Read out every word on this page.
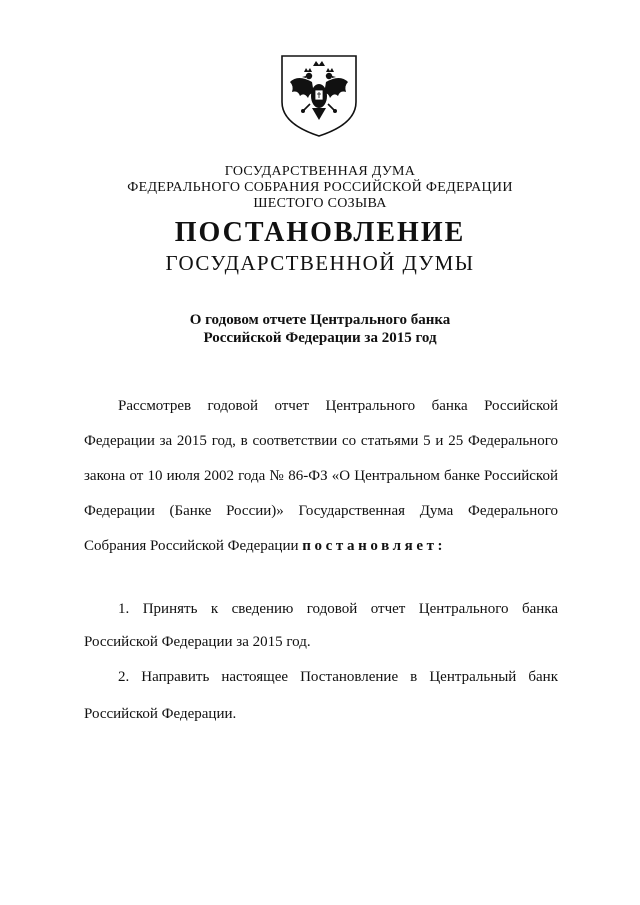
ГОСУДАРСТВЕННАЯ ДУМА
ФЕДЕРАЛЬНОГО СОБРАНИЯ РОССИЙСКОЙ ФЕДЕРАЦИИ
ШЕСТОГО СОЗЫВА
ПОСТАНОВЛЕНИЕ
ГОСУДАРСТВЕННОЙ ДУМЫ
О годовом отчете Центрального банка
Российской Федерации за 2015 год
Рассмотрев годовой отчет Центрального банка Российской
Федерации за 2015 год, в соответствии со статьями 5 и 25 Федерального
закона от 10 июля 2002 года № 86-ФЗ «О Центральном банке Российской
Федерации (Банке России)» Государственная Дума Федерального
Собрания Российской Федерации постановляет:
1. Принять к сведению годовой отчет Центрального банка
Российской Федерации за 2015 год.
2. Направить настоящее Постановление в Центральный банк
Российской Федерации.
